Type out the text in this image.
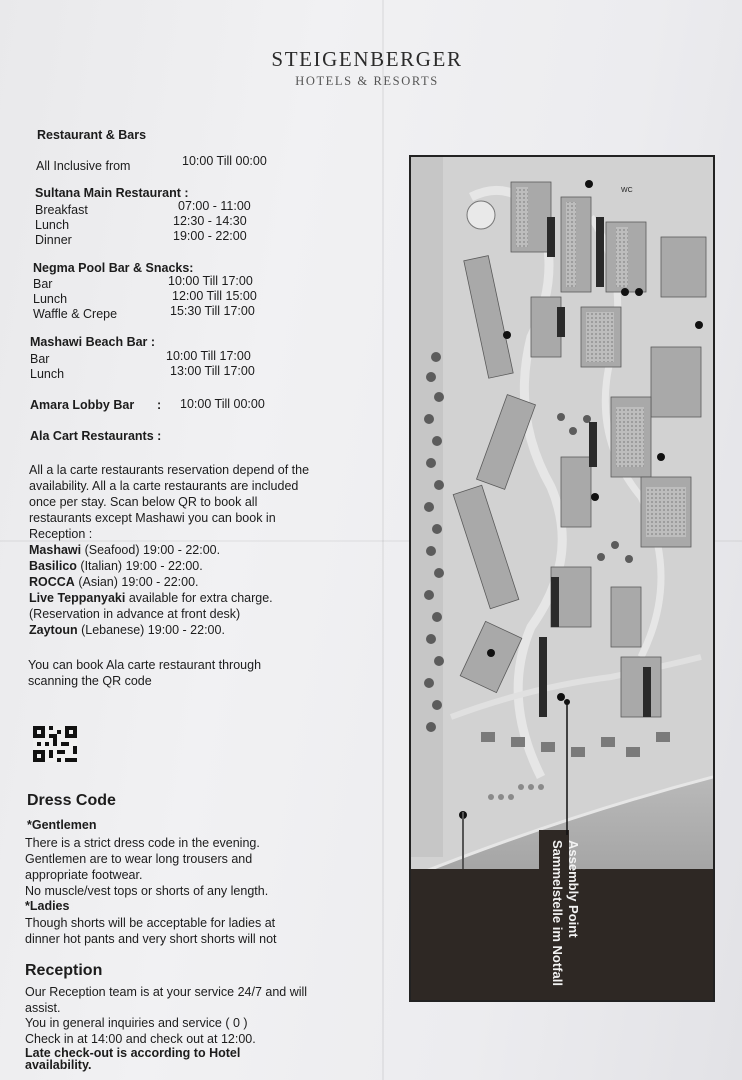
STEIGENBERGER
HOTELS & RESORTS
Restaurant & Bars
All Inclusive from	10:00 Till 00:00
Sultana Main Restaurant :
Breakfast	07:00 - 11:00
Lunch	12:30 - 14:30
Dinner	19:00 - 22:00
Negma Pool Bar & Snacks:
Bar	10:00 Till 17:00
Lunch	12:00 Till 15:00
Waffle & Crepe	15:30 Till 17:00
Mashawi Beach Bar :
Bar	10:00 Till 17:00
Lunch	13:00 Till 17:00
Amara Lobby Bar : 10:00 Till 00:00
Ala Cart Restaurants :
All a la carte restaurants reservation depend of the
availability. All a la carte restaurants are included
once per stay. Scan below QR to book all
restaurants except Mashawi you can book in
Reception :
Mashawi (Seafood) 19:00 - 22:00.
Basilico (Italian) 19:00 - 22:00.
ROCCA (Asian) 19:00 - 22:00.
Live Teppanyaki available for extra charge.
(Reservation in advance at front desk)
Zaytoun (Lebanese) 19:00 - 22:00.
You can book Ala carte restaurant through
scanning the QR code
Dress Code
*Gentlemen
There is a strict dress code in the evening.
Gentlemen are to wear long trousers and
appropriate footwear.
No muscle/vest tops or shorts of any length.
*Ladies
Though shorts will be acceptable for ladies at
dinner hot pants and very short shorts will not
Reception
Our Reception team is at your service 24/7 and will
assist.
You in general inquiries and service ( 0 )
Check in at 14:00 and check out at 12:00.
Late check-out is according to Hotel
availability.
WC
Assembly Point
Sammelstelle im Notfall
